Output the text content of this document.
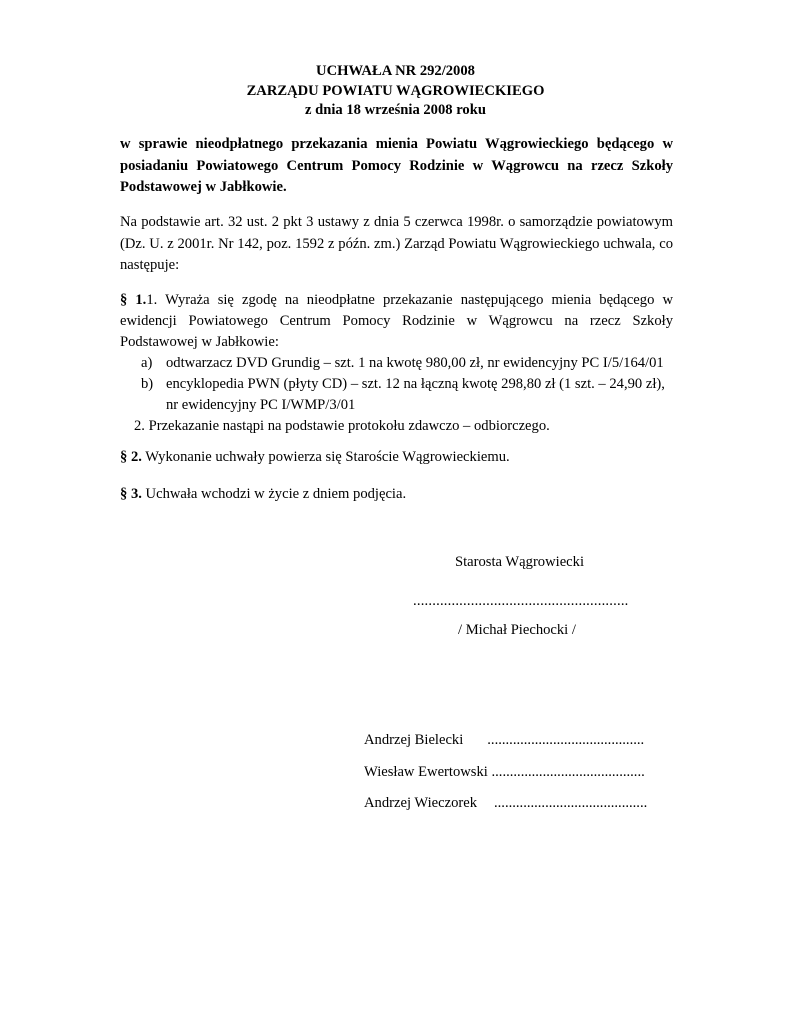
UCHWAŁA NR 292/2008
ZARZĄDU POWIATU WĄGROWIECKIEGO
z dnia 18 września 2008 roku
w sprawie nieodpłatnego przekazania mienia Powiatu Wągrowieckiego będącego w posiadaniu Powiatowego Centrum Pomocy Rodzinie w Wągrowcu na rzecz Szkoły Podstawowej w Jabłkowie.
Na podstawie art. 32 ust. 2 pkt 3 ustawy z dnia 5 czerwca 1998r. o samorządzie powiatowym (Dz. U. z 2001r. Nr 142, poz. 1592 z późn. zm.) Zarząd Powiatu Wągrowieckiego uchwala, co następuje:
§ 1.1. Wyraża się zgodę na nieodpłatne przekazanie następującego mienia będącego w ewidencji Powiatowego Centrum Pomocy Rodzinie w Wągrowcu na rzecz Szkoły Podstawowej w Jabłkowie:
a) odtwarzacz DVD Grundig – szt. 1 na kwotę 980,00 zł, nr ewidencyjny PC I/5/164/01
b) encyklopedia PWN (płyty CD) – szt. 12 na łączną kwotę 298,80 zł (1 szt. – 24,90 zł), nr ewidencyjny PC I/WMP/3/01
2. Przekazanie nastąpi na podstawie protokołu zdawczo – odbiorczego.
§ 2. Wykonanie uchwały powierza się Staroście Wągrowieckiemu.
§ 3. Uchwała wchodzi w życie z dniem podjęcia.
Starosta Wągrowiecki
........................................................
/ Michał Piechocki /
Andrzej Bielecki ...........................................
Wiesław Ewertowski ..........................................
Andrzej Wieczorek ..........................................
